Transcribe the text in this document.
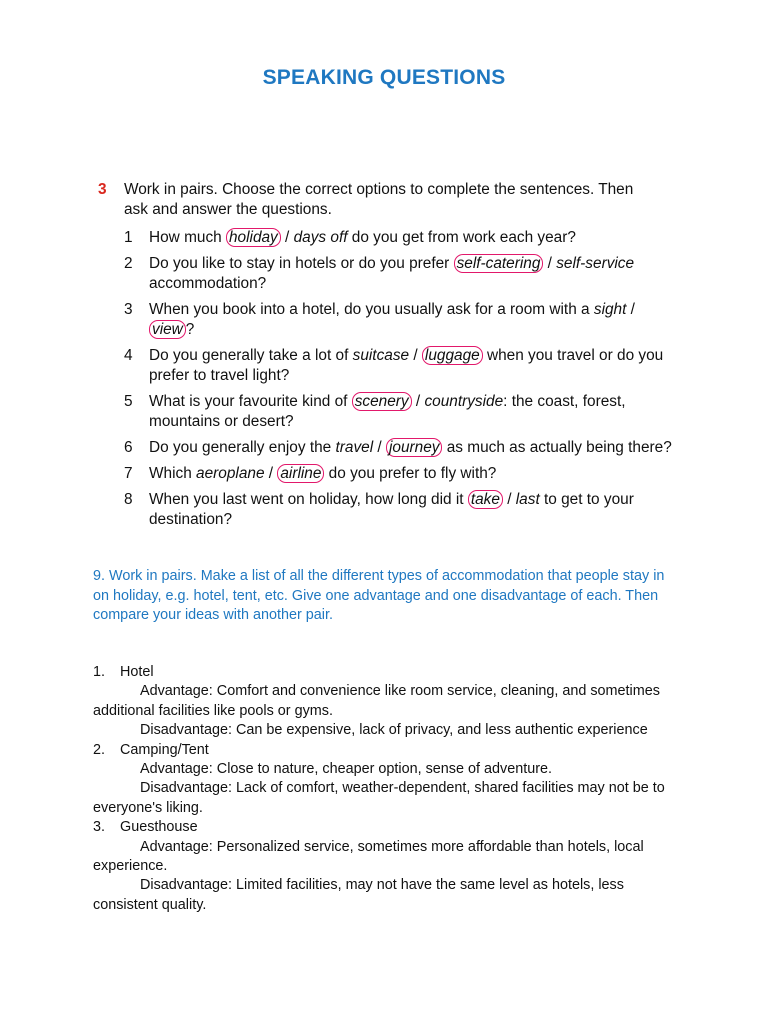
SPEAKING QUESTIONS
3 Work in pairs. Choose the correct options to complete the sentences. Then
ask and answer the questions.
1 How much holiday / days off do you get from work each year?
2 Do you like to stay in hotels or do you prefer self-catering / self-service accommodation?
3 When you book into a hotel, do you usually ask for a room with a sight / view ?
4 Do you generally take a lot of suitcase / luggage when you travel or do you prefer to travel light?
5 What is your favourite kind of scenery / countryside: the coast, forest, mountains or desert?
6 Do you generally enjoy the travel / journey as much as actually being there?
7 Which aeroplane / airline do you prefer to fly with?
8 When you last went on holiday, how long did it take / last to get to your destination?
9. Work in pairs. Make a list of all the different types of accommodation that people stay in on holiday, e.g. hotel, tent, etc. Give one advantage and one disadvantage of each. Then compare your ideas with another pair.
1. Hotel
Advantage: Comfort and convenience like room service, cleaning, and sometimes additional facilities like pools or gyms.
Disadvantage: Can be expensive, lack of privacy, and less authentic experience
2. Camping/Tent
Advantage: Close to nature, cheaper option, sense of adventure.
Disadvantage: Lack of comfort, weather-dependent, shared facilities may not be to everyone's liking.
3. Guesthouse
Advantage: Personalized service, sometimes more affordable than hotels, local experience.
Disadvantage: Limited facilities, may not have the same level as hotels, less consistent quality.
